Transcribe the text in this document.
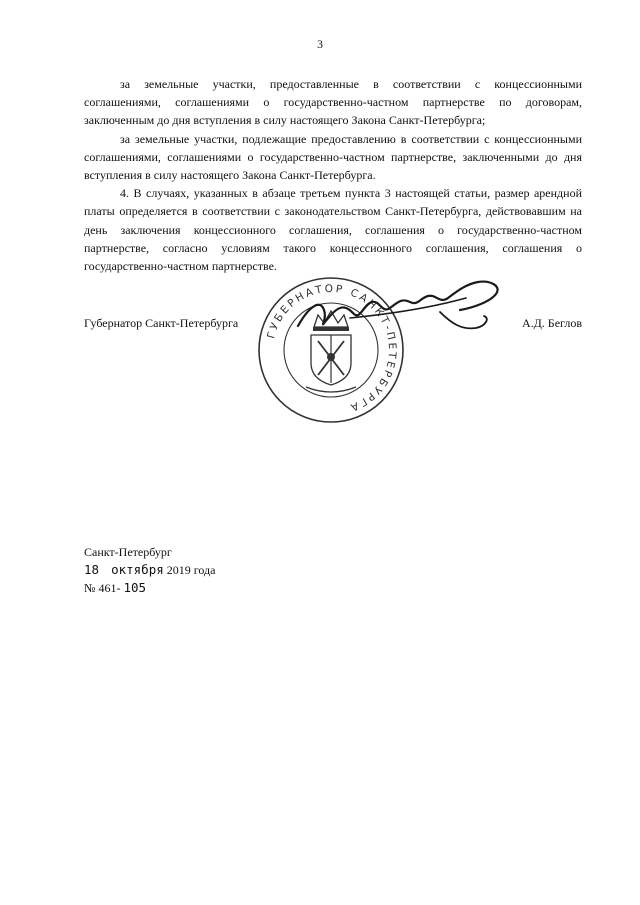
3

за земельные участки, предоставленные в соответствии с концессионными соглашениями, соглашениями о государственно-частном партнерстве по договорам, заключенным до дня вступления в силу настоящего Закона Санкт-Петербурга;

за земельные участки, подлежащие предоставлению в соответствии с концессионными соглашениями, соглашениями о государственно-частном партнерстве, заключенными до дня вступления в силу настоящего Закона Санкт-Петербурга.

4. В случаях, указанных в абзаце третьем пункта 3 настоящей статьи, размер арендной платы определяется в соответствии с законодательством Санкт-Петербурга, действовавшим на день заключения концессионного соглашения, соглашения о государственно-частном партнерстве, согласно условиям такого концессионного соглашения, соглашения о государственно-частном партнерстве.

ГУБЕРНАТОР САНКТ-ПЕТЕРБУРГА
Губернатор Санкт-Петербурга	А.Д. Беглов
Санкт-Петербург
18 октября 2019 года
№ 461- 105
